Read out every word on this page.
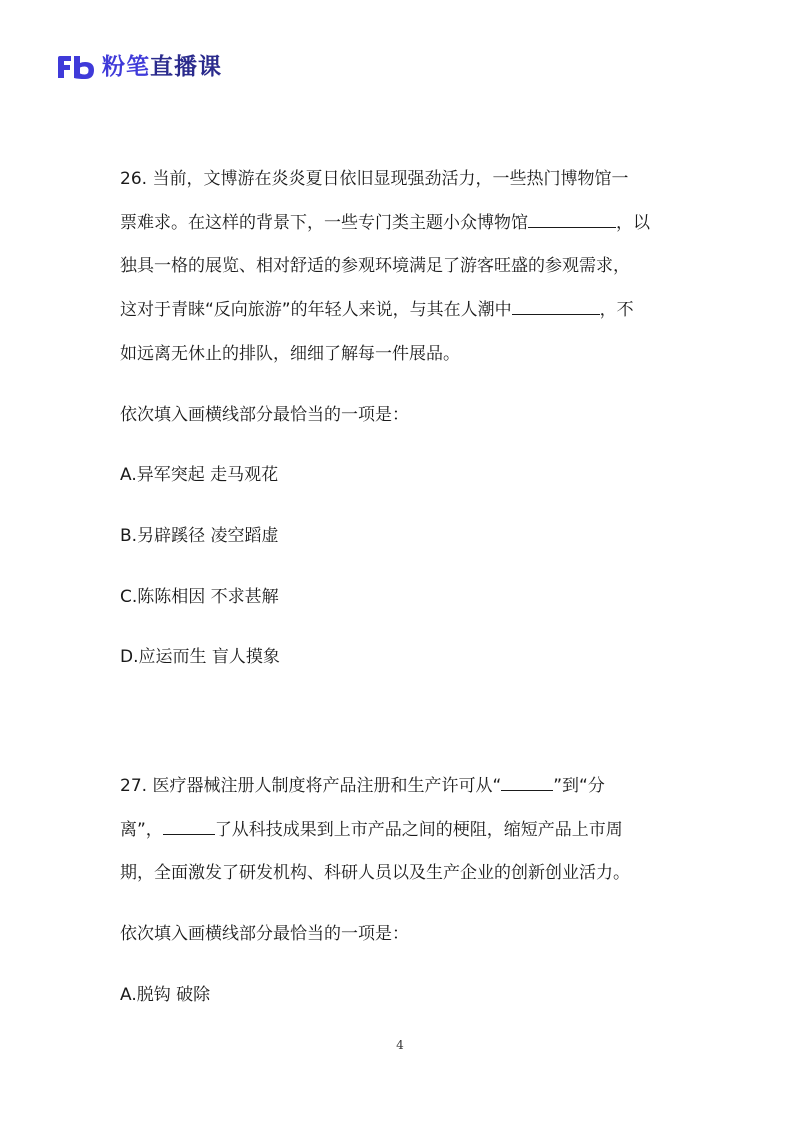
粉笔直播课
26. 当前，文博游在炎炎夏日依旧显现强劲活力，一些热门博物馆一
票难求。在这样的背景下，一些专门类主题小众博物馆	，以
独具一格的展览、相对舒适的参观环境满足了游客旺盛的参观需求，
这对于青睐“反向旅游”的年轻人来说，与其在人潮中	，不
如远离无休止的排队，细细了解每一件展品。
依次填入画横线部分最恰当的一项是：
A.异军突起 走马观花
B.另辟蹊径 凌空蹈虚
C.陈陈相因 不求甚解
D.应运而生 盲人摸象
27. 医疗器械注册人制度将产品注册和生产许可从“	”到“分
离”，	了从科技成果到上市产品之间的梗阻，缩短产品上市周
期，全面激发了研发机构、科研人员以及生产企业的创新创业活力。
依次填入画横线部分最恰当的一项是：
A.脱钩 破除
4
